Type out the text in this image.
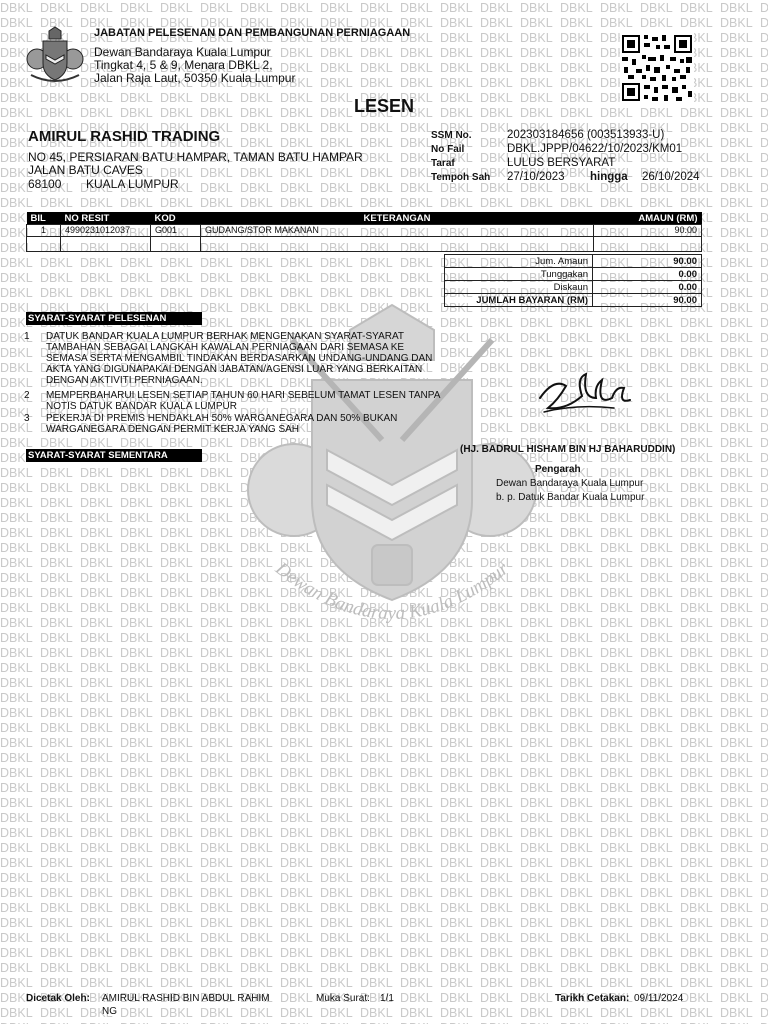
Dewan Bandaraya Kuala Lumpur
JABATAN PELESENAN DAN PEMBANGUNAN PERNIAGAAN
Dewan Bandaraya Kuala Lumpur
Tingkat 4, 5 & 9, Menara DBKL 2,
Jalan Raja Laut, 50350 Kuala Lumpur
LESEN
AMIRUL RASHID TRADING
NO 45, PERSIARAN BATU HAMPAR, TAMAN BATU HAMPAR
JALAN BATU CAVES
68100 KUALA LUMPUR
SSM No.	202303184656 (003513933-U)
No Fail	DBKL.JPPP/04622/10/2023/KM01
Taraf	LULUS BERSYARAT
Tempoh Sah 27/10/2023 hingga 26/10/2024
BIL	NO RESIT	KOD	KETERANGAN	AMAUN (RM)
1	4990231012037	G001	GUDANG/STOR MAKANAN	90.00

Jum. Amaun	90.00
Tunggakan	0.00
Diskaun	0.00
JUMLAH BAYARAN (RM)	90.00
SYARAT-SYARAT PELESENAN
1 DATUK BANDAR KUALA LUMPUR BERHAK MENGENAKAN SYARAT-SYARAT TAMBAHAN SEBAGAI LANGKAH KAWALAN PERNIAGAAN DARI SEMASA KE SEMASA SERTA MENGAMBIL TINDAKAN BERDASARKAN UNDANG-UNDANG DAN AKTA YANG DIGUNAPAKAI DENGAN JABATAN/AGENSI LUAR YANG BERKAITAN DENGAN AKTIVITI PERNIAGAAN.
2 MEMPERBAHARUI LESEN SETIAP TAHUN 60 HARI SEBELUM TAMAT LESEN TANPA NOTIS DATUK BANDAR KUALA LUMPUR
3 PEKERJA DI PREMIS HENDAKLAH 50% WARGANEGARA DAN 50% BUKAN WARGANEGARA DENGAN PERMIT KERJA YANG SAH
SYARAT-SYARAT SEMENTARA
(HJ. BADRUL HISHAM BIN HJ BAHARUDDIN)
Pengarah
Dewan Bandaraya Kuala Lumpur
b. p. Datuk Bandar Kuala Lumpur
Dicetak Oleh: AMIRUL RASHID BIN ABDUL RAHIM
NG
Muka Surat: 1/1	Tarikh Cetakan: 09/11/2024
